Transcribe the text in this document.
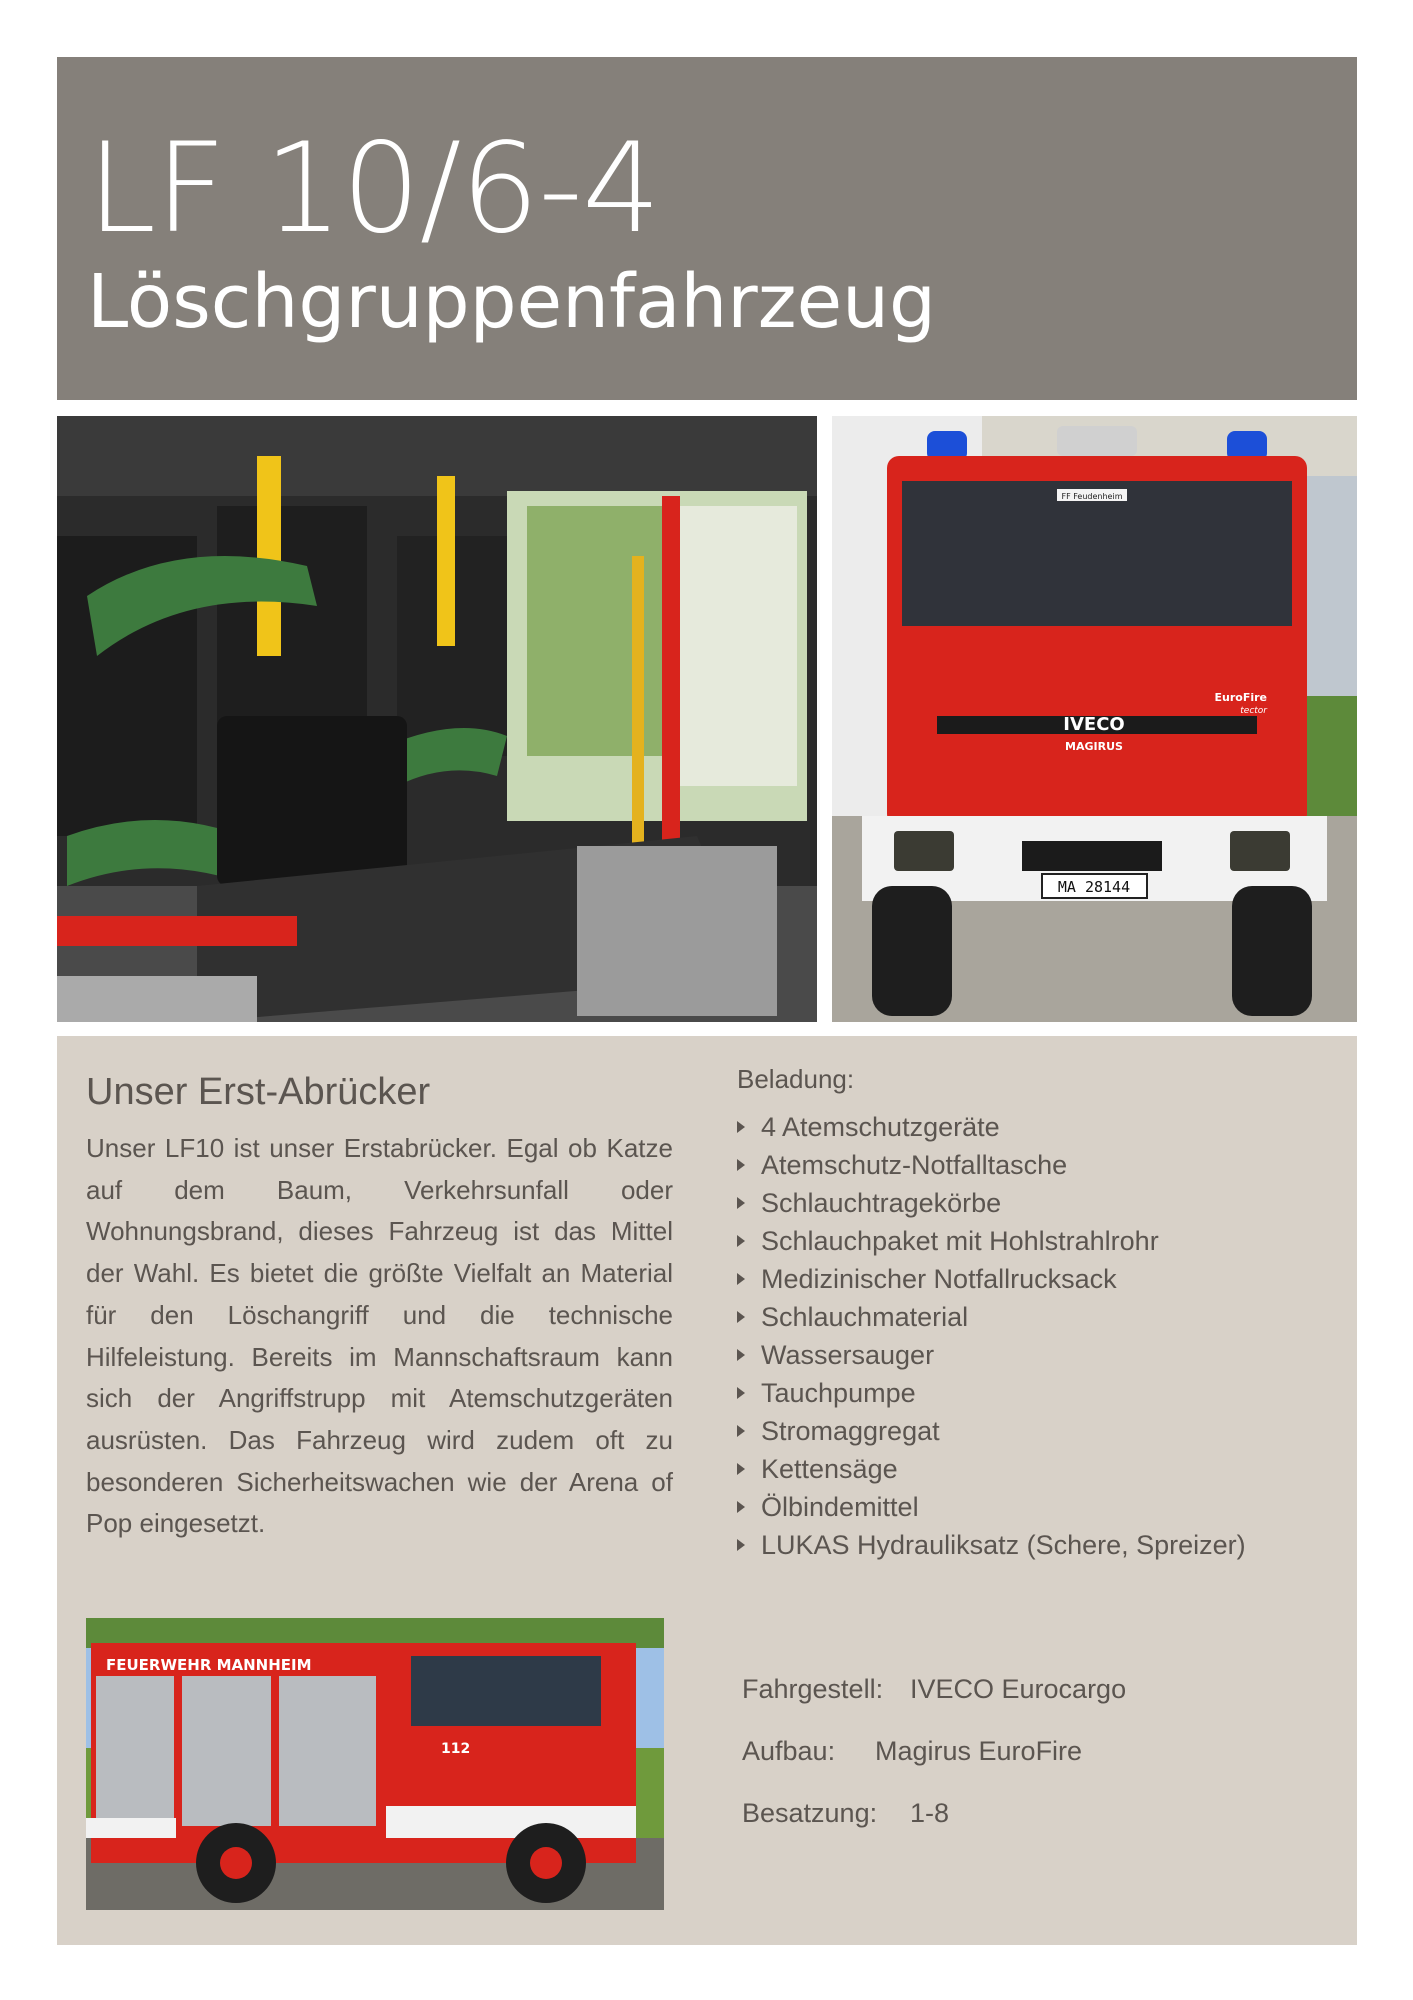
LF 10/6-4
Löschgruppenfahrzeug
FF Feudenheim
IVECO
MAGIRUS
EuroFire
tector
MA 28144
Unser Erst-Abrücker

Unser LF10 ist unser Erstabrücker. Egal ob Katze auf dem Baum, Verkehrsunfall oder Wohnungsbrand, dieses Fahrzeug ist das Mittel der Wahl. Es bietet die größte Vielfalt an Material für den Löschangriff und die technische Hilfeleistung. Bereits im Mannschaftsraum kann sich der Angriffstrupp mit Atemschutzgeräten ausrüsten. Das Fahrzeug wird zudem oft zu besonderen Sicherheitswachen wie der Arena of Pop eingesetzt.

Beladung:
4 Atemschutzgeräte
Atemschutz-Notfalltasche
Schlauchtragekörbe
Schlauchpaket mit Hohlstrahlrohr
Medizinischer Notfallrucksack
Schlauchmaterial
Wassersauger
Tauchpumpe
Stromaggregat
Kettensäge
Ölbindemittel
LUKAS Hydrauliksatz (Schere, Spreizer)
FEUERWEHR MANNHEIM
112
Fahrgestell: IVECO Eurocargo
Aufbau:	Magirus EuroFire
Besatzung:	1-8
